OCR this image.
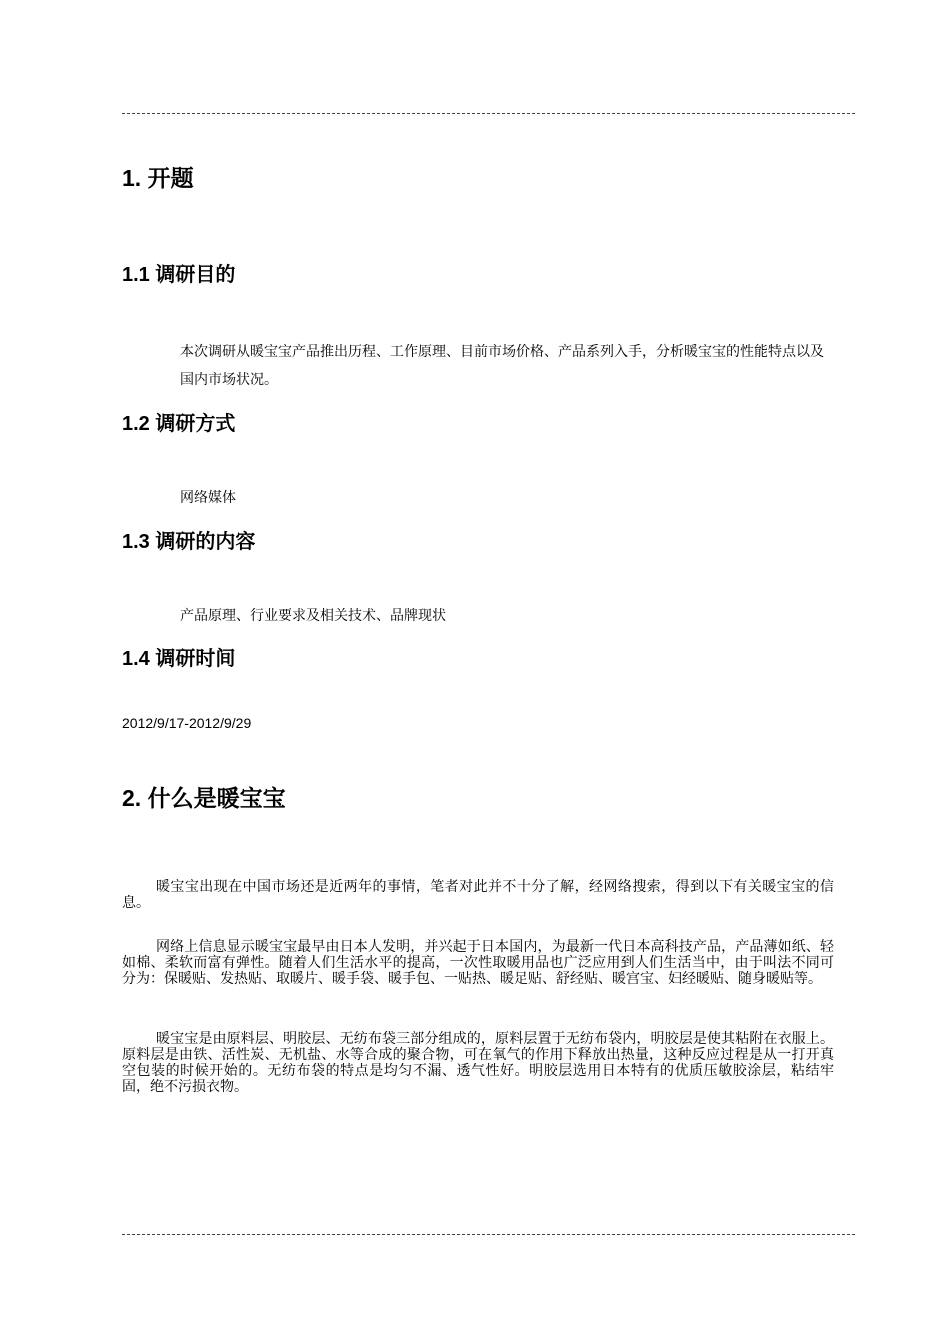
1. 开题
1.1 调研目的
本次调研从暖宝宝产品推出历程、工作原理、目前市场价格、产品系列入手，分析暖宝宝的性能特点以及国内市场状况。
1.2 调研方式
网络媒体
1.3 调研的内容
产品原理、行业要求及相关技术、品牌现状
1.4 调研时间
2012/9/17-2012/9/29
2. 什么是暖宝宝
暖宝宝出现在中国市场还是近两年的事情，笔者对此并不十分了解，经网络搜索，得到以下有关暖宝宝的信息。
网络上信息显示暖宝宝最早由日本人发明，并兴起于日本国内，为最新一代日本高科技产品，产品薄如纸、轻如棉、柔软而富有弹性。随着人们生活水平的提高，一次性取暖用品也广泛应用到人们生活当中，由于叫法不同可分为：保暖贴、发热贴、取暖片、暖手袋、暖手包、一贴热、暖足贴、舒经贴、暖宫宝、妇经暖贴、随身暖贴等。
暖宝宝是由原料层、明胶层、无纺布袋三部分组成的，原料层置于无纺布袋内，明胶层是使其粘附在衣服上。原料层是由铁、活性炭、无机盐、水等合成的聚合物，可在氧气的作用下释放出热量，这种反应过程是从一打开真空包装的时候开始的。无纺布袋的特点是均匀不漏、透气性好。明胶层选用日本特有的优质压敏胶涂层，粘结牢固，绝不污损衣物。
